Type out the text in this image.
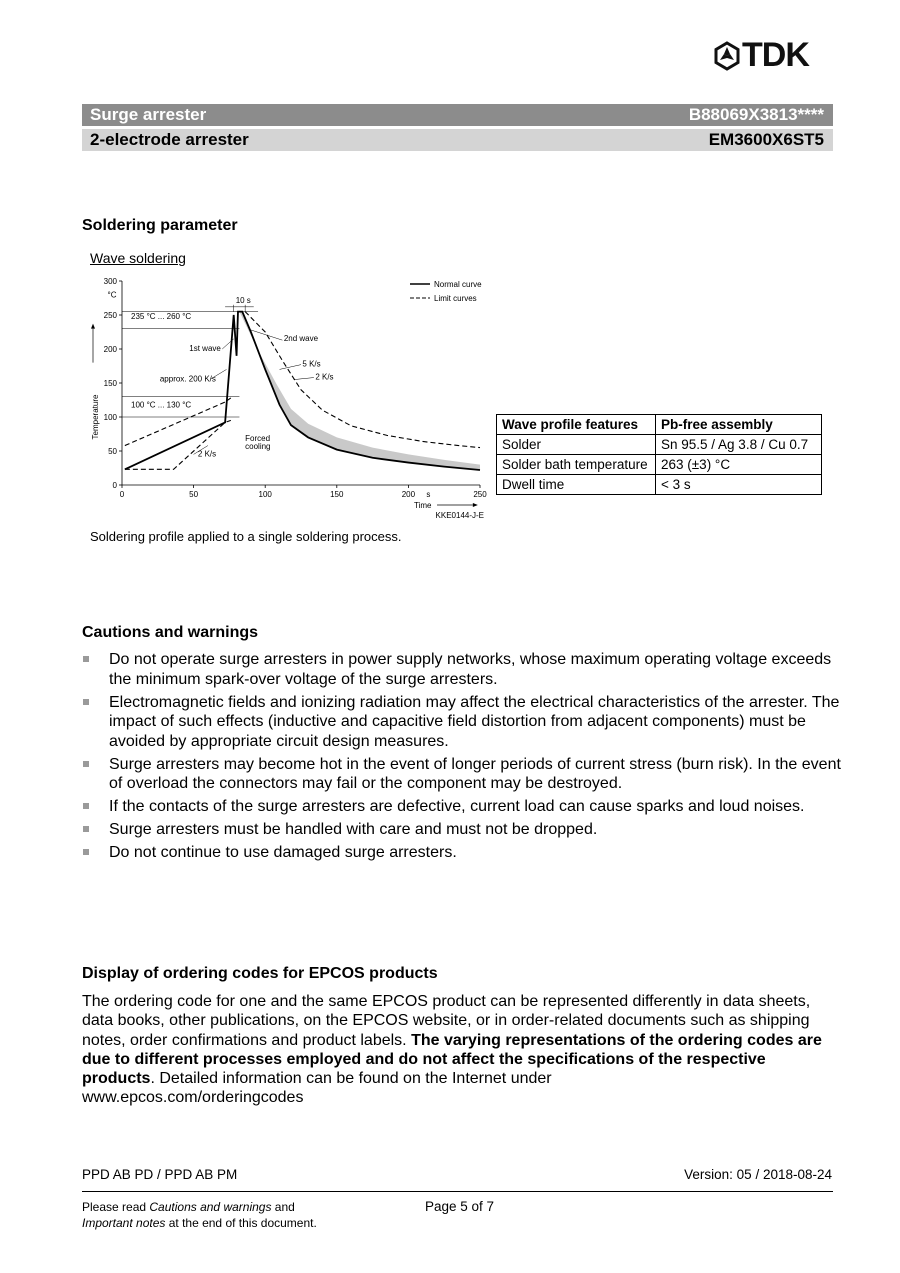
TDK
Surge arrester	B88069X3813****
2-electrode arrester	EM3600X6ST5
Soldering parameter
Wave soldering
0	50	100	150	200	250
0
50
100
150
200
250
300
s
°C
Time
Temperature
Normal curve
Limit curves
10 s
235 °C ... 260 °C
1st wave
2nd wave
5 K/s
2 K/s
approx. 200 K/s
100 °C ... 130 °C
2 K/s
KKE0144-J-E
Forced
cooling
Soldering profile applied to a single soldering process.
Wave profile features	Pb-free assembly
Solder	Sn 95.5 / Ag 3.8 / Cu 0.7
Solder bath temperature	263 (±3) °C
Dwell time	< 3 s
Cautions and warnings
Do not operate surge arresters in power supply networks, whose maximum operating voltage exceeds the minimum spark-over voltage of the surge arresters.
Electromagnetic fields and ionizing radiation may affect the electrical characteristics of the arrester. The impact of such effects (inductive and capacitive field distortion from adjacent components) must be avoided by appropriate circuit design measures.
Surge arresters may become hot in the event of longer periods of current stress (burn risk). In the event of overload the connectors may fail or the component may be destroyed.
If the contacts of the surge arresters are defective, current load can cause sparks and loud noises.
Surge arresters must be handled with care and must not be dropped.
Do not continue to use damaged surge arresters.
Display of ordering codes for EPCOS products
The ordering code for one and the same EPCOS product can be represented differently in data sheets, data books, other publications, on the EPCOS website, or in order-related documents such as shipping notes, order confirmations and product labels. The varying representations of the ordering codes are due to different processes employed and do not affect the specifications of the respective products. Detailed information can be found on the Internet under
www.epcos.com/orderingcodes
PPD AB PD / PPD AB PM	Version: 05 / 2018-08-24
Please read Cautions and warnings and
Important notes at the end of this document.
Page 5 of 7
